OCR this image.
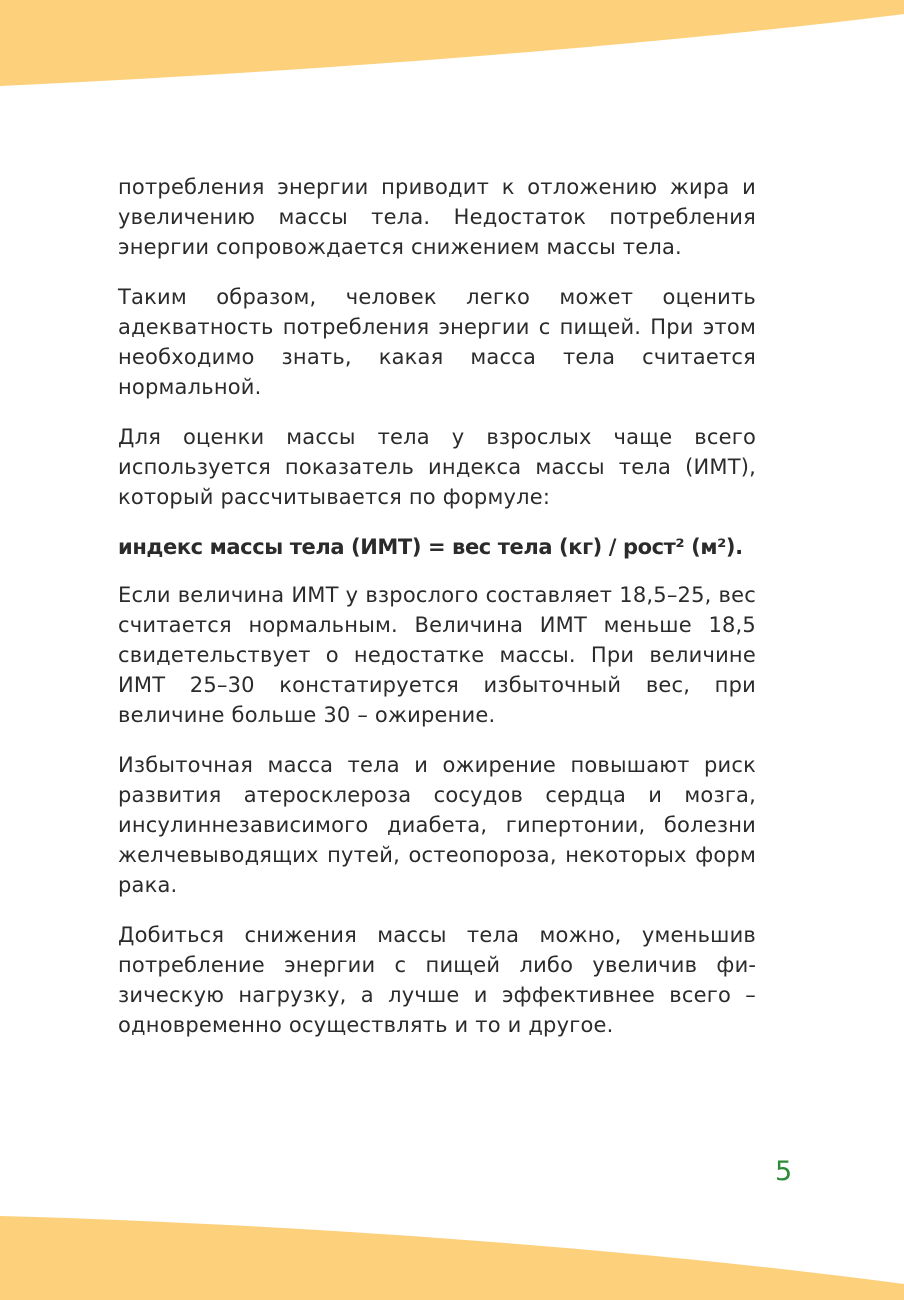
потребления энергии приводит к отложению жира и увеличению массы тела. Недостаток потребления энергии сопровождается снижением массы тела.

Таким образом, человек легко может оценить адекватность потребления энергии с пищей. При этом необходимо знать, какая масса тела считается нормальной.

Для оценки массы тела у взрослых чаще всего используется показатель индекса массы тела (ИМТ), который рассчитывается по формуле:

индекс массы тела (ИМТ) = вес тела (кг) / рост² (м²).

Если величина ИМТ у взрослого составляет 18,5–25, вес считается нормальным. Величина ИМТ меньше 18,5 свидетельствует о недостатке массы. При величине ИМТ 25–30 констатируется избыточный вес, при величине больше 30 – ожирение.

Избыточная масса тела и ожирение повышают риск развития атеросклероза сосудов сердца и мозга, инсулиннезависимого диабета, гипертонии, болезни желчевыводящих путей, остеопороза, некоторых форм рака.

Добиться снижения массы тела можно, уменьшив потребление энергии с пищей либо увеличив физическую нагрузку, а лучше и эффективнее всего – одновременно осуществлять и то и другое.

5
